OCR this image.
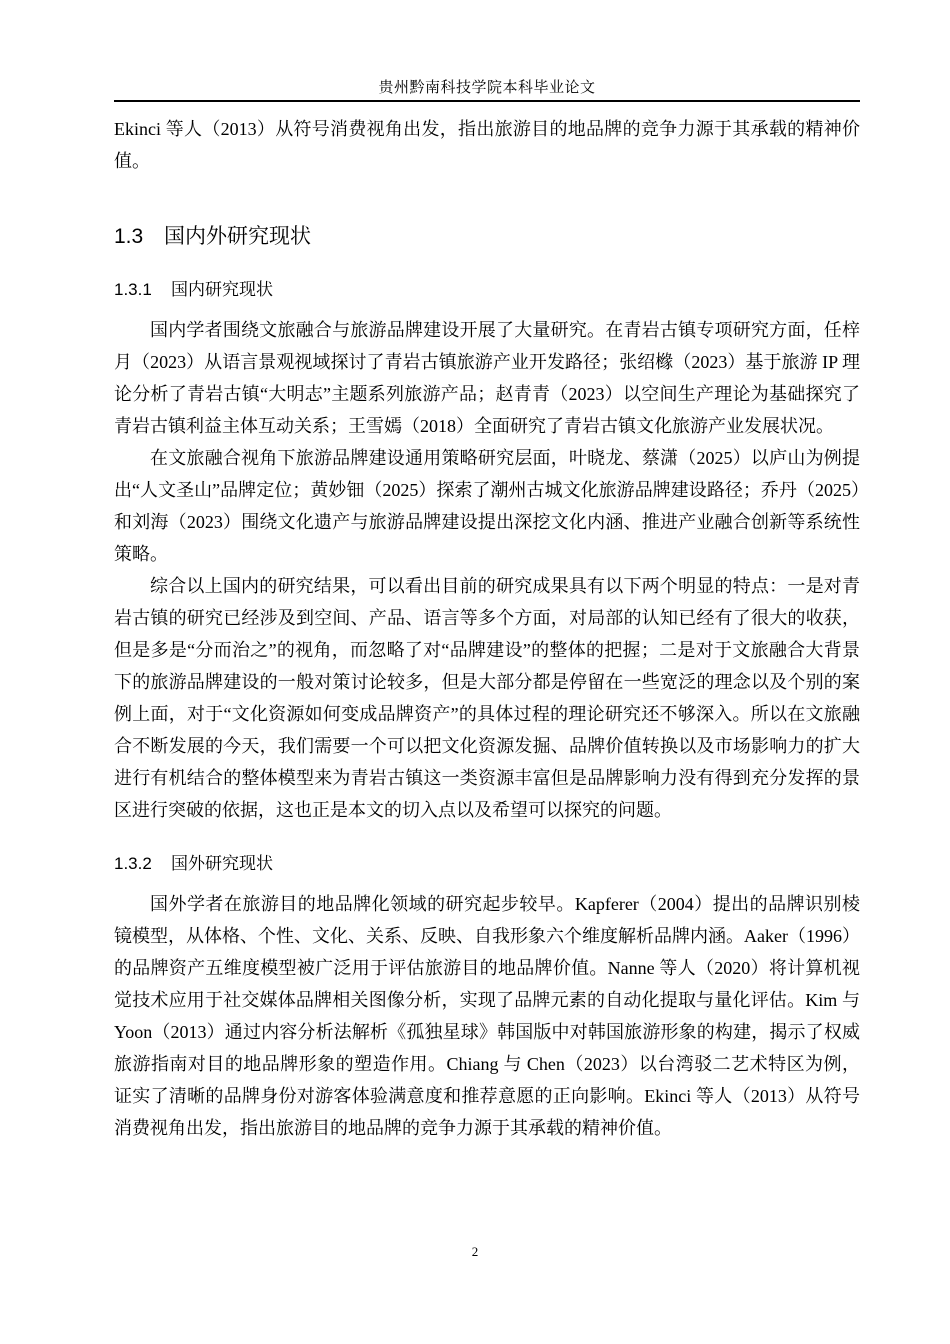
贵州黔南科技学院本科毕业论文

Ekinci 等人（2013）从符号消费视角出发，指出旅游目的地品牌的竞争力源于其承载的精神价值。

1.3 国内外研究现状
1.3.1 国内研究现状

国内学者围绕文旅融合与旅游品牌建设开展了大量研究。在青岩古镇专项研究方面，任梓月（2023）从语言景观视域探讨了青岩古镇旅游产业开发路径；张绍橼（2023）基于旅游 IP 理论分析了青岩古镇“大明志”主题系列旅游产品；赵青青（2023）以空间生产理论为基础探究了青岩古镇利益主体互动关系；王雪嫣（2018）全面研究了青岩古镇文化旅游产业发展状况。

在文旅融合视角下旅游品牌建设通用策略研究层面，叶晓龙、蔡潇（2025）以庐山为例提出“人文圣山”品牌定位；黄妙钿（2025）探索了潮州古城文化旅游品牌建设路径；乔丹（2025）和刘海（2023）围绕文化遗产与旅游品牌建设提出深挖文化内涵、推进产业融合创新等系统性策略。

综合以上国内的研究结果，可以看出目前的研究成果具有以下两个明显的特点：一是对青岩古镇的研究已经涉及到空间、产品、语言等多个方面，对局部的认知已经有了很大的收获，但是多是“分而治之”的视角，而忽略了对“品牌建设”的整体的把握；二是对于文旅融合大背景下的旅游品牌建设的一般对策讨论较多，但是大部分都是停留在一些宽泛的理念以及个别的案例上面，对于“文化资源如何变成品牌资产”的具体过程的理论研究还不够深入。所以在文旅融合不断发展的今天，我们需要一个可以把文化资源发掘、品牌价值转换以及市场影响力的扩大进行有机结合的整体模型来为青岩古镇这一类资源丰富但是品牌影响力没有得到充分发挥的景区进行突破的依据，这也正是本文的切入点以及希望可以探究的问题。

1.3.2 国外研究现状

国外学者在旅游目的地品牌化领域的研究起步较早。Kapferer（2004）提出的品牌识别棱镜模型，从体格、个性、文化、关系、反映、自我形象六个维度解析品牌内涵。Aaker（1996）的品牌资产五维度模型被广泛用于评估旅游目的地品牌价值。Nanne 等人（2020）将计算机视觉技术应用于社交媒体品牌相关图像分析，实现了品牌元素的自动化提取与量化评估。Kim 与 Yoon（2013）通过内容分析法解析《孤独星球》韩国版中对韩国旅游形象的构建，揭示了权威旅游指南对目的地品牌形象的塑造作用。Chiang 与 Chen（2023）以台湾驳二艺术特区为例，证实了清晰的品牌身份对游客体验满意度和推荐意愿的正向影响。Ekinci 等人（2013）从符号消费视角出发，指出旅游目的地品牌的竞争力源于其承载的精神价值。

2
